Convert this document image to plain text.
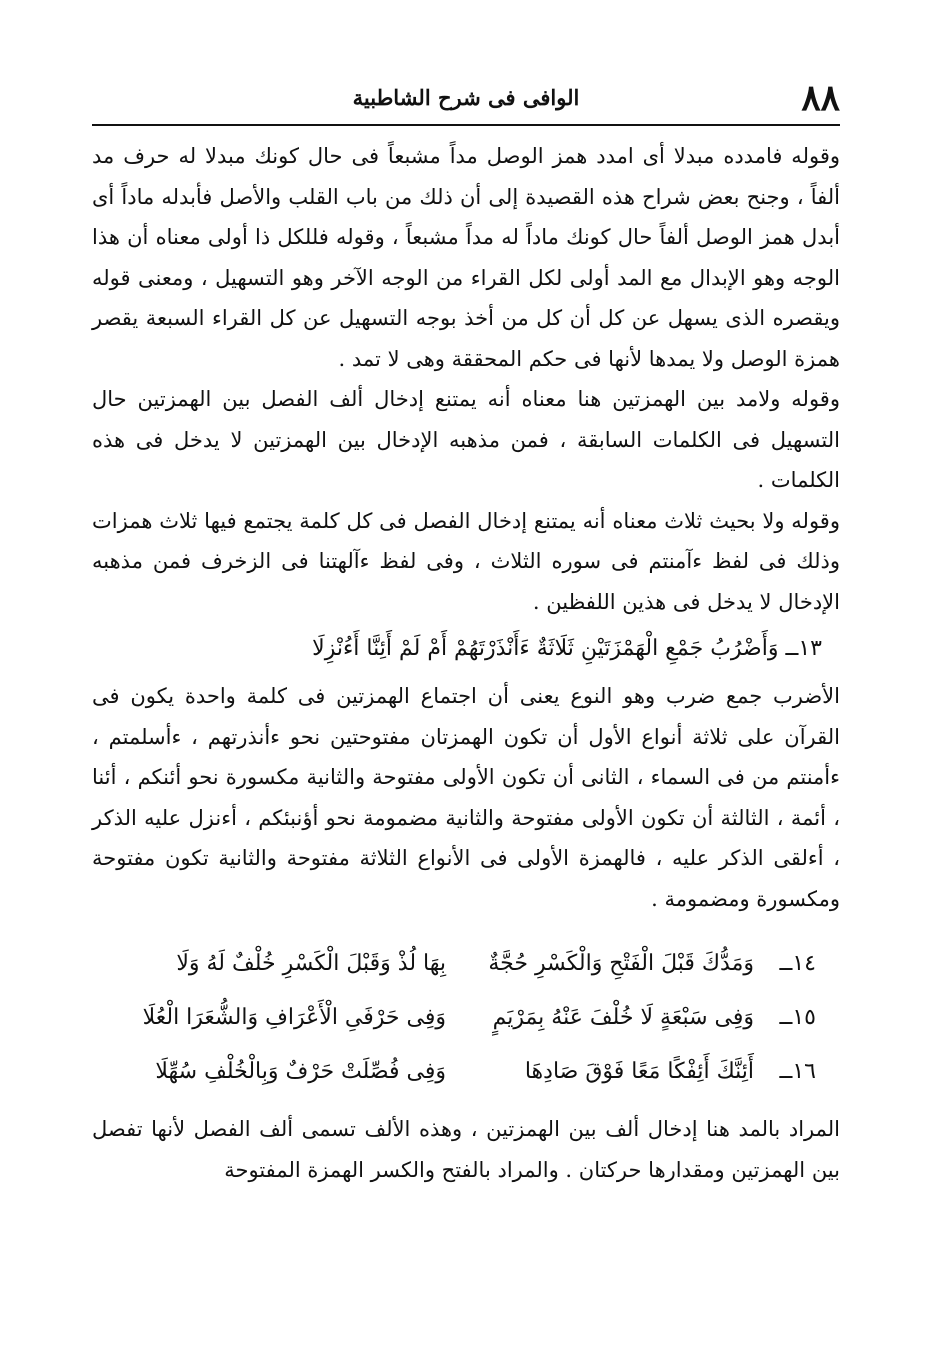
٨٨
الوافى فى شرح الشاطبية

وقوله فامدده مبدلا أى امدد همز الوصل مداً مشبعاً فى حال كونك مبدلا له حرف مد ألفاً ، وجنح بعض شراح هذه القصيدة إلى أن ذلك من باب القلب والأصل فأبدله ماداً أى أبدل همز الوصل ألفاً حال كونك ماداً له مداً مشبعاً ، وقوله فللكل ذا أولى معناه أن هذا الوجه وهو الإبدال مع المد أولى لكل القراء من الوجه الآخر وهو التسهيل ، ومعنى قوله ويقصره الذى يسهل عن كل أن كل من أخذ بوجه التسهيل عن كل القراء السبعة يقصر همزة الوصل ولا يمدها لأنها فى حكم المحققة وهى لا تمد .

وقوله ولامد بين الهمزتين هنا معناه أنه يمتنع إدخال ألف الفصل بين الهمزتين حال التسهيل فى الكلمات السابقة ، فمن مذهبه الإدخال بين الهمزتين لا يدخل فى هذه الكلمات .

وقوله ولا بحيث ثلاث معناه أنه يمتنع إدخال الفصل فى كل كلمة يجتمع فيها ثلاث همزات وذلك فى لفظ ءآمنتم فى سوره الثلاث ، وفى لفظ ءآلهتنا فى الزخرف فمن مذهبه الإدخال لا يدخل فى هذين اللفظين .

١٣ــ وَأَضْرُبُ جَمْعِ الْهَمْزَتَيْنِ ثَلَاثَةٌ ءَأَنْذَرْتَهُمْ أَمْ لَمْ أَئِنَّا أَءُنْزِلَا

الأضرب جمع ضرب وهو النوع يعنى أن اجتماع الهمزتين فى كلمة واحدة يكون فى القرآن على ثلاثة أنواع الأول أن تكون الهمزتان مفتوحتين نحو ءأنذرتهم ، ءأسلمتم ، ءأمنتم من فى السماء ، الثانى أن تكون الأولى مفتوحة والثانية مكسورة نحو أئنكم ، أئنا ، أئمة ، الثالثة أن تكون الأولى مفتوحة والثانية مضمومة نحو أؤنبئكم ، أءنزل عليه الذكر ، أءلقى الذكر عليه ، فالهمزة الأولى فى الأنواع الثلاثة مفتوحة والثانية تكون مفتوحة ومكسورة ومضمومة .

١٤ــ
وَمَدُّكَ قَبْلَ الْفَتْحِ وَالْكَسْرِ حُجَّةٌ
بِهَا لُذْ وَقَبْلَ الْكَسْرِ خُلْفٌ لَهُ وَلَا
١٥ــ
وَفِى سَبْعَةٍ لَا خُلْفَ عَنْهُ بِمَرْيَمٍ
وَفِى حَرْفَىِ الْأَعْرَافِ وَالشُّعَرَا الْعُلَا
١٦ــ
أَئِنَّكَ أَئِفْكًا مَعًا فَوْقَ صَادِهَا
وَفِى فُصِّلَتْ حَرْفٌ وَبِالْخُلْفِ سُهِّلَا

المراد بالمد هنا إدخال ألف بين الهمزتين ، وهذه الألف تسمى ألف الفصل لأنها تفصل بين الهمزتين ومقدارها حركتان . والمراد بالفتح والكسر الهمزة المفتوحة
